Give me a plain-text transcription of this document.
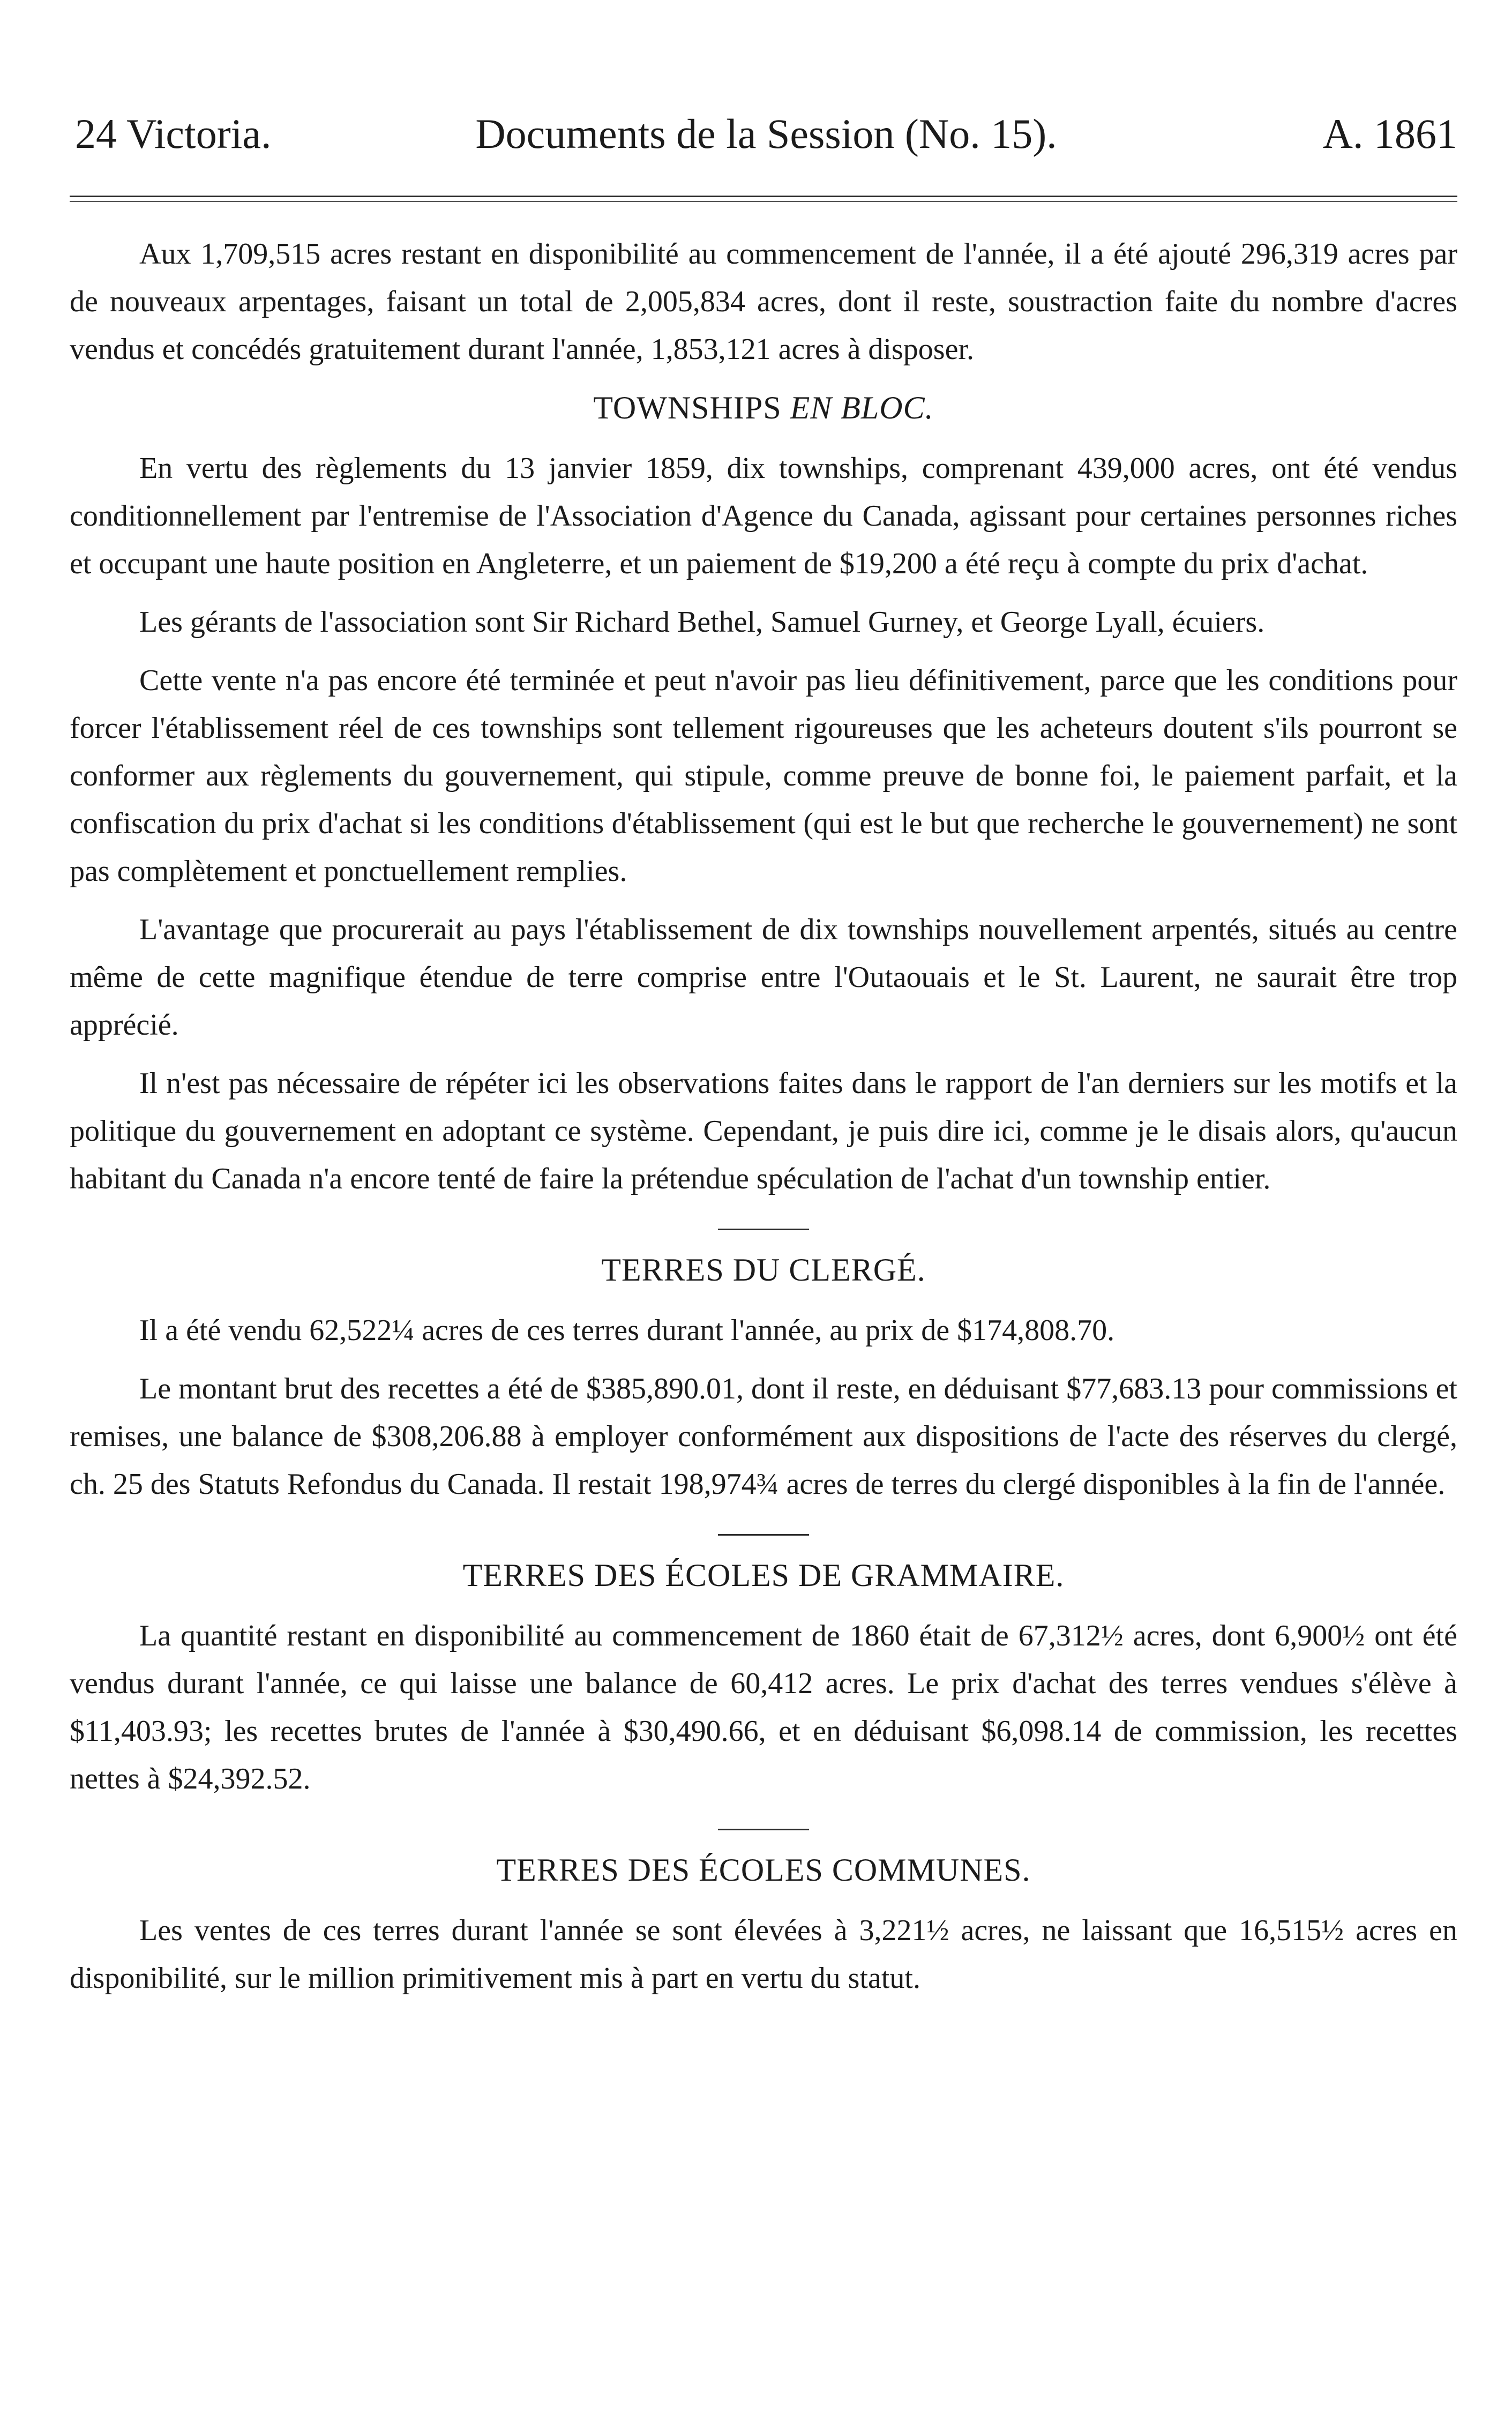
24 Victoria.	Documents de la Session (No. 15).	A. 1861

Aux 1,709,515 acres restant en disponibilité au commencement de l'année, il a été ajouté 296,319 acres par de nouveaux arpentages, faisant un total de 2,005,834 acres, dont il reste, soustraction faite du nombre d'acres vendus et concédés gratuitement durant l'année, 1,853,121 acres à disposer.

TOWNSHIPS EN BLOC.

En vertu des règlements du 13 janvier 1859, dix townships, comprenant 439,000 acres, ont été vendus conditionnellement par l'entremise de l'Association d'Agence du Canada, agissant pour certaines personnes riches et occupant une haute position en Angleterre, et un paiement de $19,200 a été reçu à compte du prix d'achat.

Les gérants de l'association sont Sir Richard Bethel, Samuel Gurney, et George Lyall, écuiers.

Cette vente n'a pas encore été terminée et peut n'avoir pas lieu définitivement, parce que les conditions pour forcer l'établissement réel de ces townships sont tellement rigoureuses que les acheteurs doutent s'ils pourront se conformer aux règlements du gouvernement, qui stipule, comme preuve de bonne foi, le paiement parfait, et la confiscation du prix d'achat si les conditions d'établissement (qui est le but que recherche le gouvernement) ne sont pas complètement et ponctuellement remplies.

L'avantage que procurerait au pays l'établissement de dix townships nouvellement arpentés, situés au centre même de cette magnifique étendue de terre comprise entre l'Outaouais et le St. Laurent, ne saurait être trop apprécié.

Il n'est pas nécessaire de répéter ici les observations faites dans le rapport de l'an derniers sur les motifs et la politique du gouvernement en adoptant ce système. Cependant, je puis dire ici, comme je le disais alors, qu'aucun habitant du Canada n'a encore tenté de faire la prétendue spéculation de l'achat d'un township entier.

TERRES DU CLERGÉ.

Il a été vendu 62,522¼ acres de ces terres durant l'année, au prix de $174,808.70.

Le montant brut des recettes a été de $385,890.01, dont il reste, en déduisant $77,683.13 pour commissions et remises, une balance de $308,206.88 à employer conformément aux dispositions de l'acte des réserves du clergé, ch. 25 des Statuts Refondus du Canada. Il restait 198,974¾ acres de terres du clergé disponibles à la fin de l'année.

TERRES DES ÉCOLES DE GRAMMAIRE.

La quantité restant en disponibilité au commencement de 1860 était de 67,312½ acres, dont 6,900½ ont été vendus durant l'année, ce qui laisse une balance de 60,412 acres. Le prix d'achat des terres vendues s'élève à $11,403.93; les recettes brutes de l'année à $30,490.66, et en déduisant $6,098.14 de commission, les recettes nettes à $24,392.52.

TERRES DES ÉCOLES COMMUNES.

Les ventes de ces terres durant l'année se sont élevées à 3,221½ acres, ne laissant que 16,515½ acres en disponibilité, sur le million primitivement mis à part en vertu du statut.
